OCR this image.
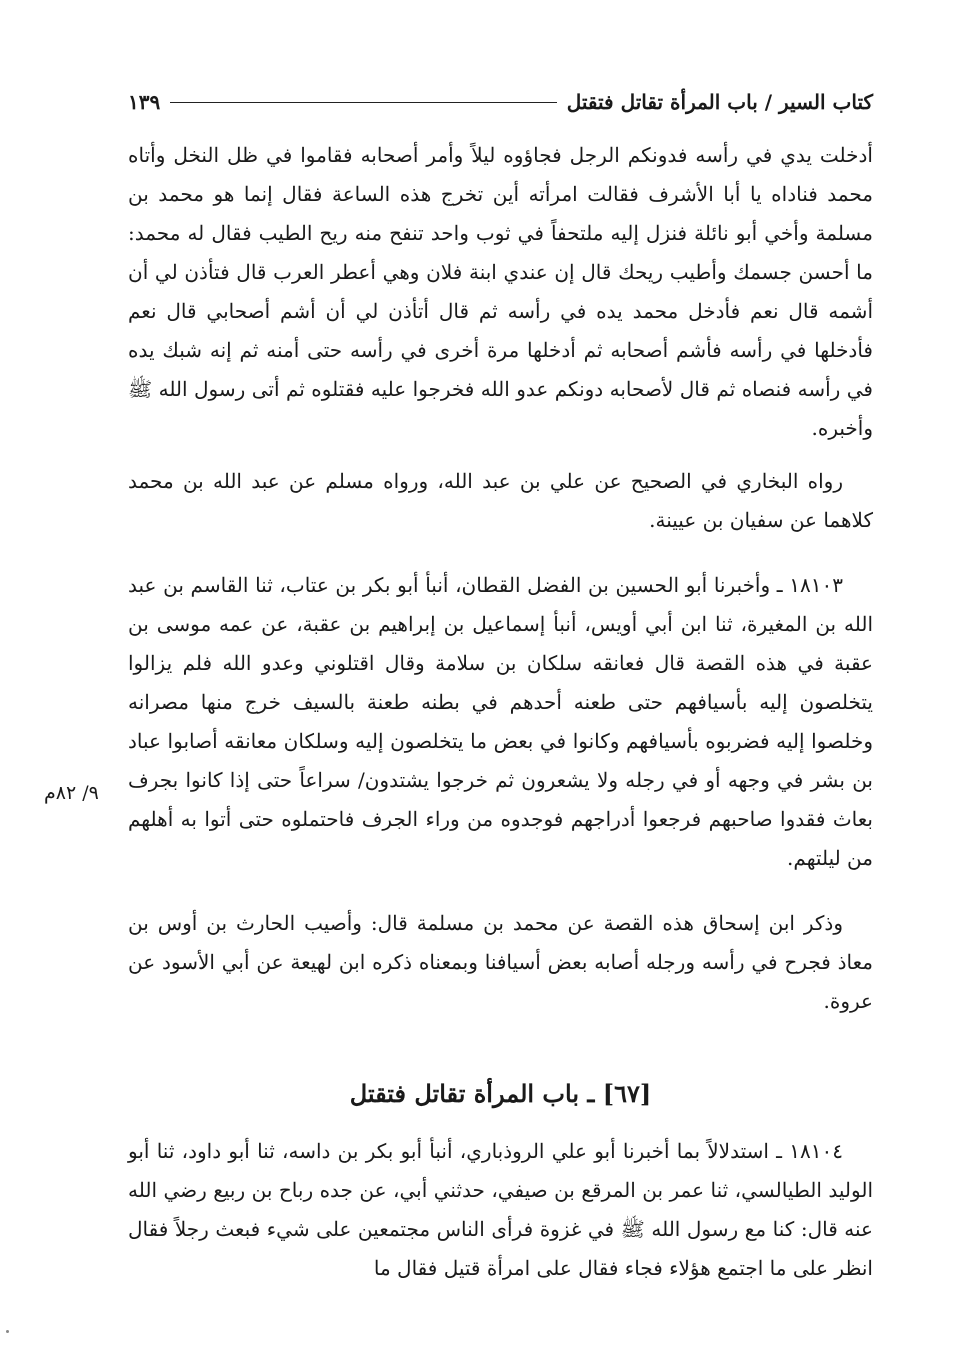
كتاب السير / باب المرأة تقاتل فتقتل
١٣٩

أدخلت يدي في رأسه فدونكم الرجل فجاؤوه ليلاً وأمر أصحابه فقاموا في ظل النخل وأتاه محمد فناداه يا أبا الأشرف فقالت امرأته أين تخرج هذه الساعة فقال إنما هو محمد بن مسلمة وأخي أبو نائلة فنزل إليه ملتحفاً في ثوب واحد تنفح منه ريح الطيب فقال له محمد: ما أحسن جسمك وأطيب ريحك قال إن عندي ابنة فلان وهي أعطر العرب قال فتأذن لي أن أشمه قال نعم فأدخل محمد يده في رأسه ثم قال أتأذن لي أن أشم أصحابي قال نعم فأدخلها في رأسه فأشم أصحابه ثم أدخلها مرة أخرى في رأسه حتى أمنه ثم إنه شبك يده في رأسه فنصاه ثم قال لأصحابه دونكم عدو الله فخرجوا عليه فقتلوه ثم أتى رسول الله ﷺ وأخبره.

رواه البخاري في الصحيح عن علي بن عبد الله، ورواه مسلم عن عبد الله بن محمد كلاهما عن سفيان بن عيينة.

١٨١٠٣ ـ وأخبرنا أبو الحسين بن الفضل القطان، أنبأ أبو بكر بن عتاب، ثنا القاسم بن عبد الله بن المغيرة، ثنا ابن أبي أويس، أنبأ إسماعيل بن إبراهيم بن عقبة، عن عمه موسى بن عقبة في هذه القصة قال فعانقه سلكان بن سلامة وقال اقتلوني وعدو الله فلم يزالوا يتخلصون إليه بأسيافهم حتى طعنه أحدهم في بطنه طعنة بالسيف خرج منها مصرانه وخلصوا إليه فضربوه بأسيافهم وكانوا في بعض ما يتخلصون إليه وسلكان معانقه أصابوا عباد بن بشر في وجهه أو في رجله ولا يشعرون ثم خرجوا يشتدون/ سراعاً حتى إذا كانوا بجرف بعاث فقدوا صاحبهم فرجعوا أدراجهم فوجدوه من وراء الجرف فاحتملوه حتى أتوا به أهلهم من ليلتهم.

وذكر ابن إسحاق هذه القصة عن محمد بن مسلمة قال: وأصيب الحارث بن أوس بن معاذ فجرح في رأسه ورجله أصابه بعض أسيافنا وبمعناه ذكره ابن لهيعة عن أبي الأسود عن عروة.

[٦٧] ـ باب المرأة تقاتل فتقتل

١٨١٠٤ ـ استدلالاً بما أخبرنا أبو علي الروذباري، أنبأ أبو بكر بن داسه، ثنا أبو داود، ثنا أبو الوليد الطيالسي، ثنا عمر بن المرقع بن صيفي، حدثني أبي، عن جده رباح بن ربيع رضي الله عنه قال: كنا مع رسول الله ﷺ في غزوة فرأى الناس مجتمعين على شيء فبعث رجلاً فقال انظر على ما اجتمع هؤلاء فجاء فقال على امرأة قتيل فقال ما

٩/ ٨٢م
